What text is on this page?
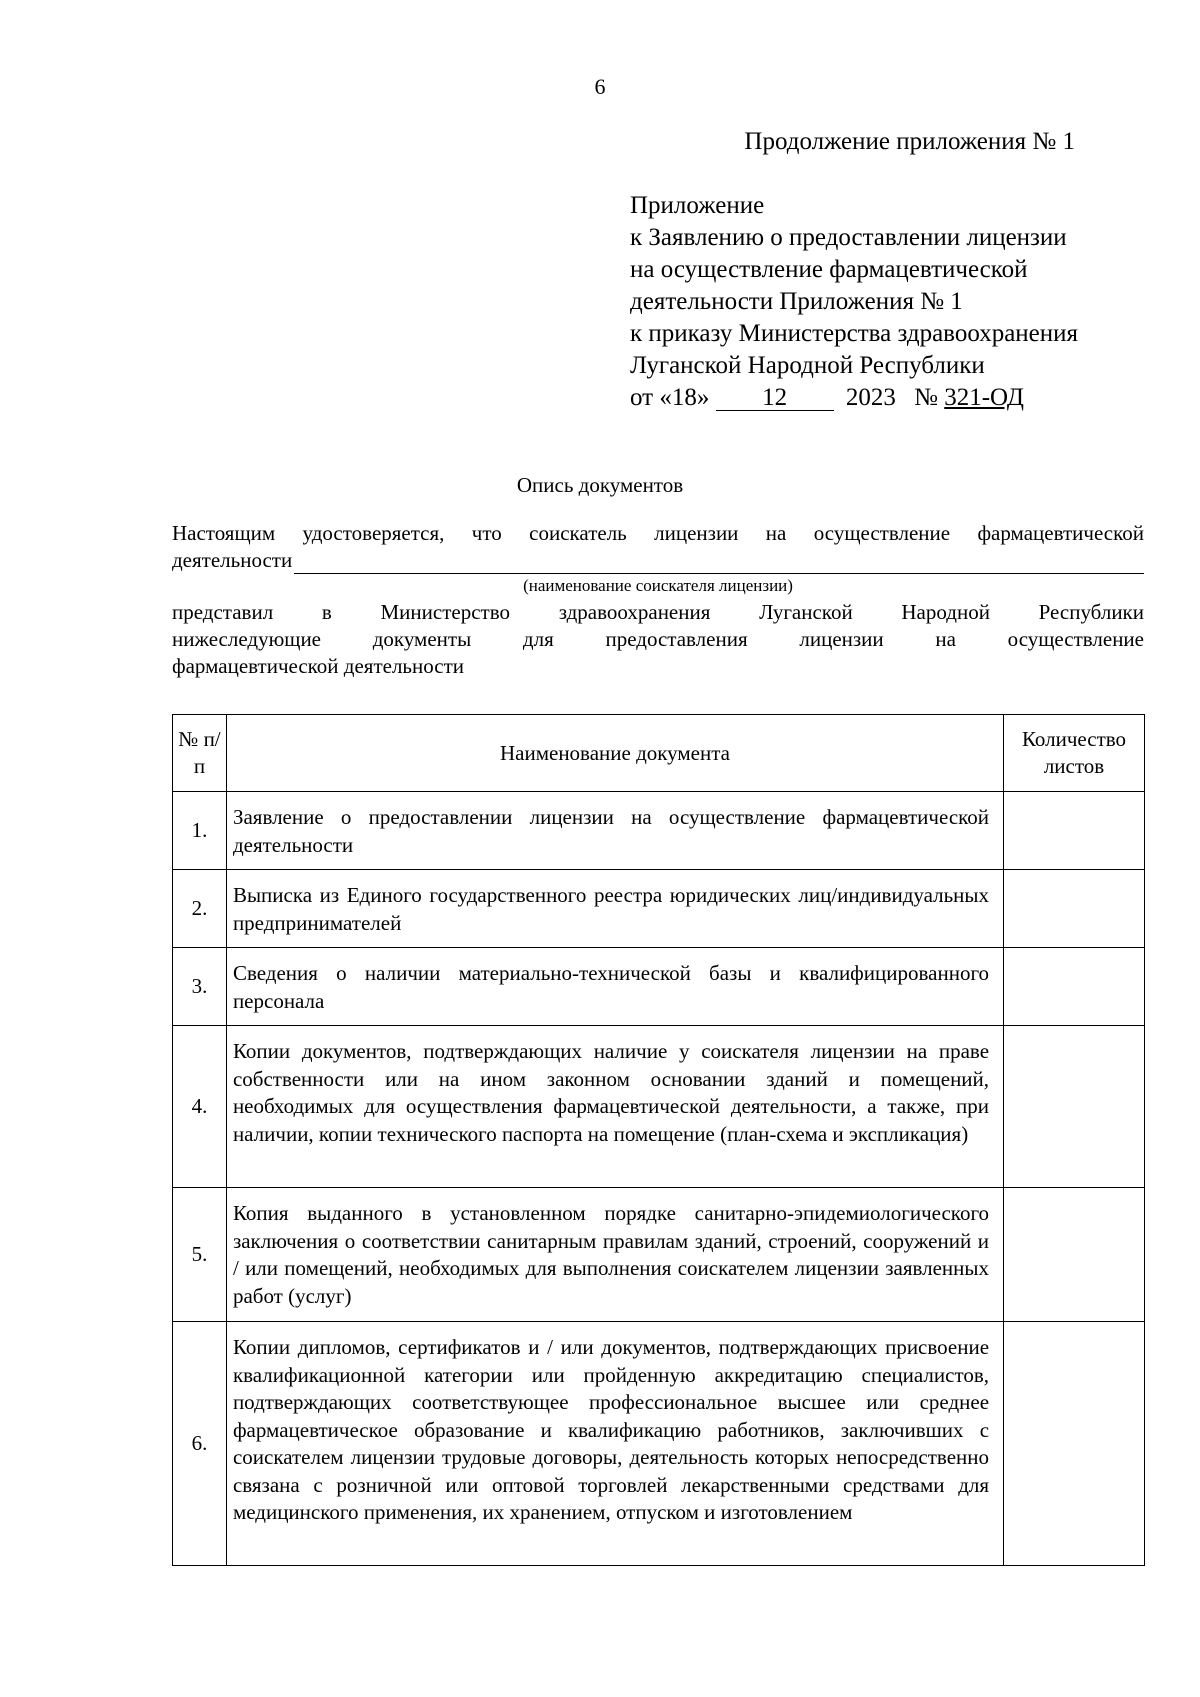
6
Продолжение приложения № 1
Приложение
к Заявлению о предоставлении лицензии
на осуществление фармацевтической
деятельности Приложения № 1
к приказу Министерства здравоохранения
Луганской Народной Республики
от «18» 12 2023 № 321-ОД
Опись документов
Настоящим удостоверяется, что соискатель лицензии на осуществление фармацевтической
деятельности
(наименование соискателя лицензии)
представил в Министерство здравоохранения Луганской Народной Республики
нижеследующие документы для предоставления лицензии на осуществление
фармацевтической деятельности
№ п/п	Наименование документа	Количество листов
1.	Заявление о предоставлении лицензии на осуществление фармацевтической деятельности	
2.	Выписка из Единого государственного реестра юридических лиц/индивидуальных предпринимателей	
3.	Сведения о наличии материально-технической базы и квалифицированного персонала	
4.	Копии документов, подтверждающих наличие у соискателя лицензии на праве собственности или на ином законном основании зданий и помещений, необходимых для осуществления фармацевтической деятельности, а также, при наличии, копии технического паспорта на помещение (план-схема и экспликация)	
5.	Копия выданного в установленном порядке санитарно-эпидемиологического заключения о соответствии санитарным правилам зданий, строений, сооружений и / или помещений, необходимых для выполнения соискателем лицензии заявленных работ (услуг)	
6.	Копии дипломов, сертификатов и / или документов, подтверждающих присвоение квалификационной категории или пройденную аккредитацию специалистов, подтверждающих соответствующее профессиональное высшее или среднее фармацевтическое образование и квалификацию работников, заключивших с соискателем лицензии трудовые договоры, деятельность которых непосредственно связана с розничной или оптовой торговлей лекарственными средствами для медицинского применения, их хранением, отпуском и изготовлением	
